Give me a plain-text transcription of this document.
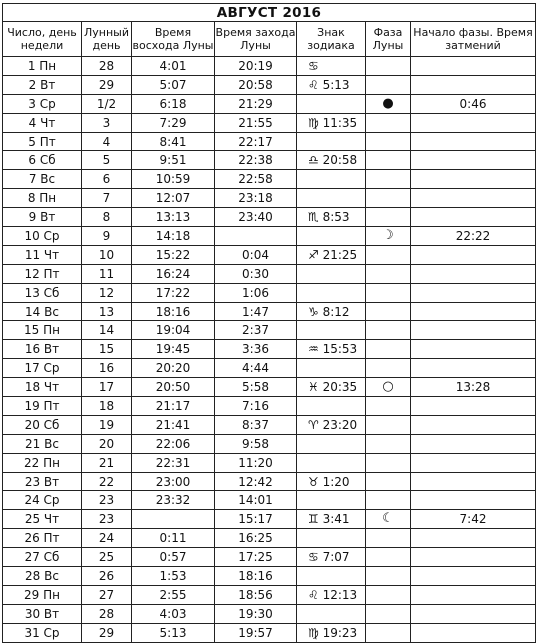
АВГУСТ 2016						
Число, день недели	Лунный день	Время восхода Луны	Время захода Луны	Знак зодиака	Фаза Луны	Начало фазы. Время затмений
1 Пн	28	4:01	20:19	♋		
2 Вт	29	5:07	20:58	♌ 5:13		
3 Ср	1/2	6:18	21:29		●	0:46
4 Чт	3	7:29	21:55	♍ 11:35		
5 Пт	4	8:41	22:17			
6 Сб	5	9:51	22:38	♎ 20:58		
7 Вс	6	10:59	22:58			
8 Пн	7	12:07	23:18			
9 Вт	8	13:13	23:40	♏ 8:53		
10 Ср	9	14:18			☽	22:22
11 Чт	10	15:22	0:04	♐ 21:25		
12 Пт	11	16:24	0:30			
13 Сб	12	17:22	1:06			
14 Вс	13	18:16	1:47	♑ 8:12		
15 Пн	14	19:04	2:37			
16 Вт	15	19:45	3:36	♒ 15:53		
17 Ср	16	20:20	4:44			
18 Чт	17	20:50	5:58	♓ 20:35	○	13:28
19 Пт	18	21:17	7:16			
20 Сб	19	21:41	8:37	♈ 23:20		
21 Вс	20	22:06	9:58			
22 Пн	21	22:31	11:20			
23 Вт	22	23:00	12:42	♉ 1:20		
24 Ср	23	23:32	14:01			
25 Чт	23		15:17	♊ 3:41	☾	7:42
26 Пт	24	0:11	16:25			
27 Сб	25	0:57	17:25	♋ 7:07		
28 Вс	26	1:53	18:16			
29 Пн	27	2:55	18:56	♌ 12:13		
30 Вт	28	4:03	19:30			
31 Ср	29	5:13	19:57	♍ 19:23		
